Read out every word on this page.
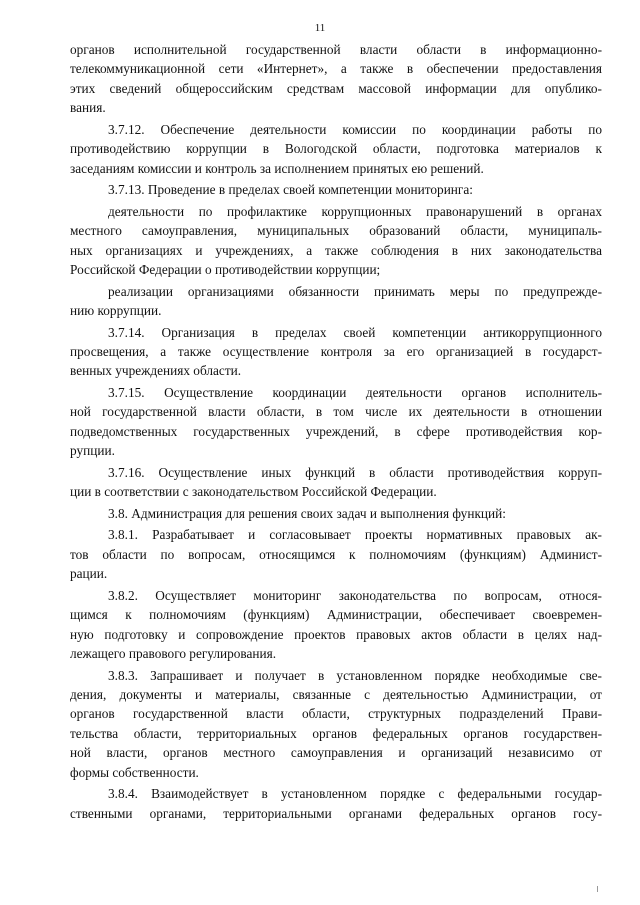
11
органов исполнительной государственной власти области в информационно-
телекоммуникационной сети «Интернет», а также в обеспечении предоставления
этих сведений общероссийским средствам массовой информации для опублико-
вания.
3.7.12. Обеспечение деятельности комиссии по координации работы по
противодействию коррупции в Вологодской области, подготовка материалов к
заседаниям комиссии и контроль за исполнением принятых ею решений.
3.7.13. Проведение в пределах своей компетенции мониторинга:
деятельности по профилактике коррупционных правонарушений в органах
местного самоуправления, муниципальных образований области, муниципаль-
ных организациях и учреждениях, а также соблюдения в них законодательства
Российской Федерации о противодействии коррупции;
реализации организациями обязанности принимать меры по предупрежде-
нию коррупции.
3.7.14. Организация в пределах своей компетенции антикоррупционного
просвещения, а также осуществление контроля за его организацией в государст-
венных учреждениях области.
3.7.15. Осуществление координации деятельности органов исполнитель-
ной государственной власти области, в том числе их деятельности в отношении
подведомственных государственных учреждений, в сфере противодействия кор-
рупции.
3.7.16. Осуществление иных функций в области противодействия корруп-
ции в соответствии с законодательством Российской Федерации.
3.8. Администрация для решения своих задач и выполнения функций:
3.8.1. Разрабатывает и согласовывает проекты нормативных правовых ак-
тов области по вопросам, относящимся к полномочиям (функциям) Админист-
рации.
3.8.2. Осуществляет мониторинг законодательства по вопросам, относя-
щимся к полномочиям (функциям) Администрации, обеспечивает своевремен-
ную подготовку и сопровождение проектов правовых актов области в целях над-
лежащего правового регулирования.
3.8.3. Запрашивает и получает в установленном порядке необходимые све-
дения, документы и материалы, связанные с деятельностью Администрации, от
органов государственной власти области, структурных подразделений Прави-
тельства области, территориальных органов федеральных органов государствен-
ной власти, органов местного самоуправления и организаций независимо от
формы собственности.
3.8.4. Взаимодействует в установленном порядке с федеральными государ-
ственными органами, территориальными органами федеральных органов госу-
